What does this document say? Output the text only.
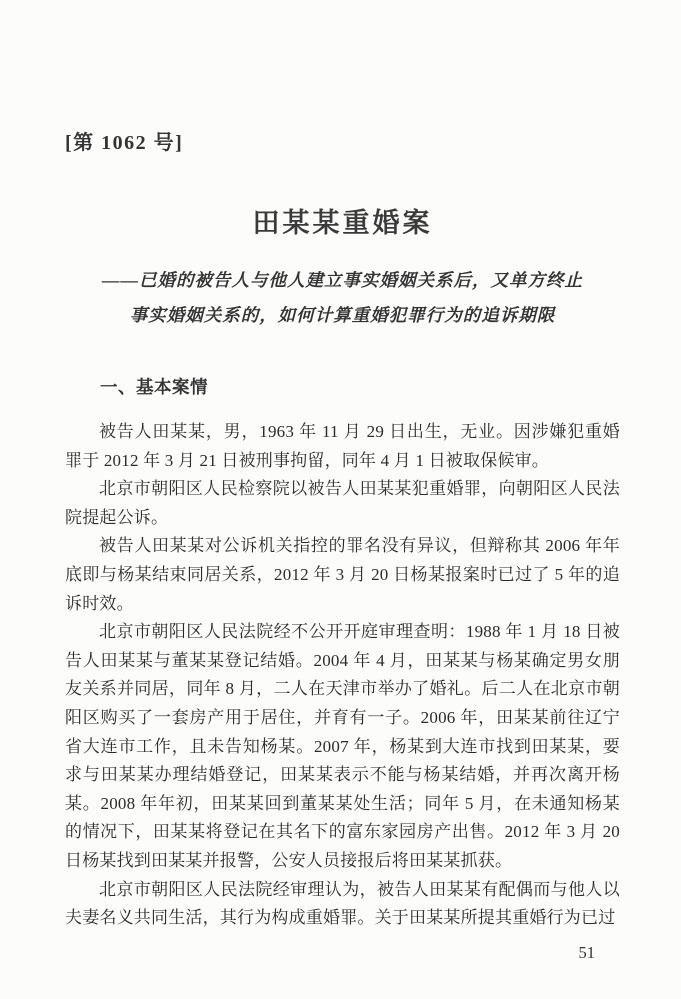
[第 1062 号]
田某某重婚案
——已婚的被告人与他人建立事实婚姻关系后，又单方终止
事实婚姻关系的，如何计算重婚犯罪行为的追诉期限
一、基本案情

被告人田某某，男，1963 年 11 月 29 日出生，无业。因涉嫌犯重婚罪于 2012 年 3 月 21 日被刑事拘留，同年 4 月 1 日被取保候审。

北京市朝阳区人民检察院以被告人田某某犯重婚罪，向朝阳区人民法院提起公诉。

被告人田某某对公诉机关指控的罪名没有异议，但辩称其 2006 年年底即与杨某结束同居关系，2012 年 3 月 20 日杨某报案时已过了 5 年的追诉时效。

北京市朝阳区人民法院经不公开开庭审理查明：1988 年 1 月 18 日被告人田某某与董某某登记结婚。2004 年 4 月，田某某与杨某确定男女朋友关系并同居，同年 8 月，二人在天津市举办了婚礼。后二人在北京市朝阳区购买了一套房产用于居住，并育有一子。2006 年，田某某前往辽宁省大连市工作，且未告知杨某。2007 年，杨某到大连市找到田某某，要求与田某某办理结婚登记，田某某表示不能与杨某结婚，并再次离开杨某。2008 年年初，田某某回到董某某处生活；同年 5 月，在未通知杨某的情况下，田某某将登记在其名下的富东家园房产出售。2012 年 3 月 20 日杨某找到田某某并报警，公安人员接报后将田某某抓获。

北京市朝阳区人民法院经审理认为，被告人田某某有配偶而与他人以夫妻名义共同生活，其行为构成重婚罪。关于田某某所提其重婚行为已过

51
